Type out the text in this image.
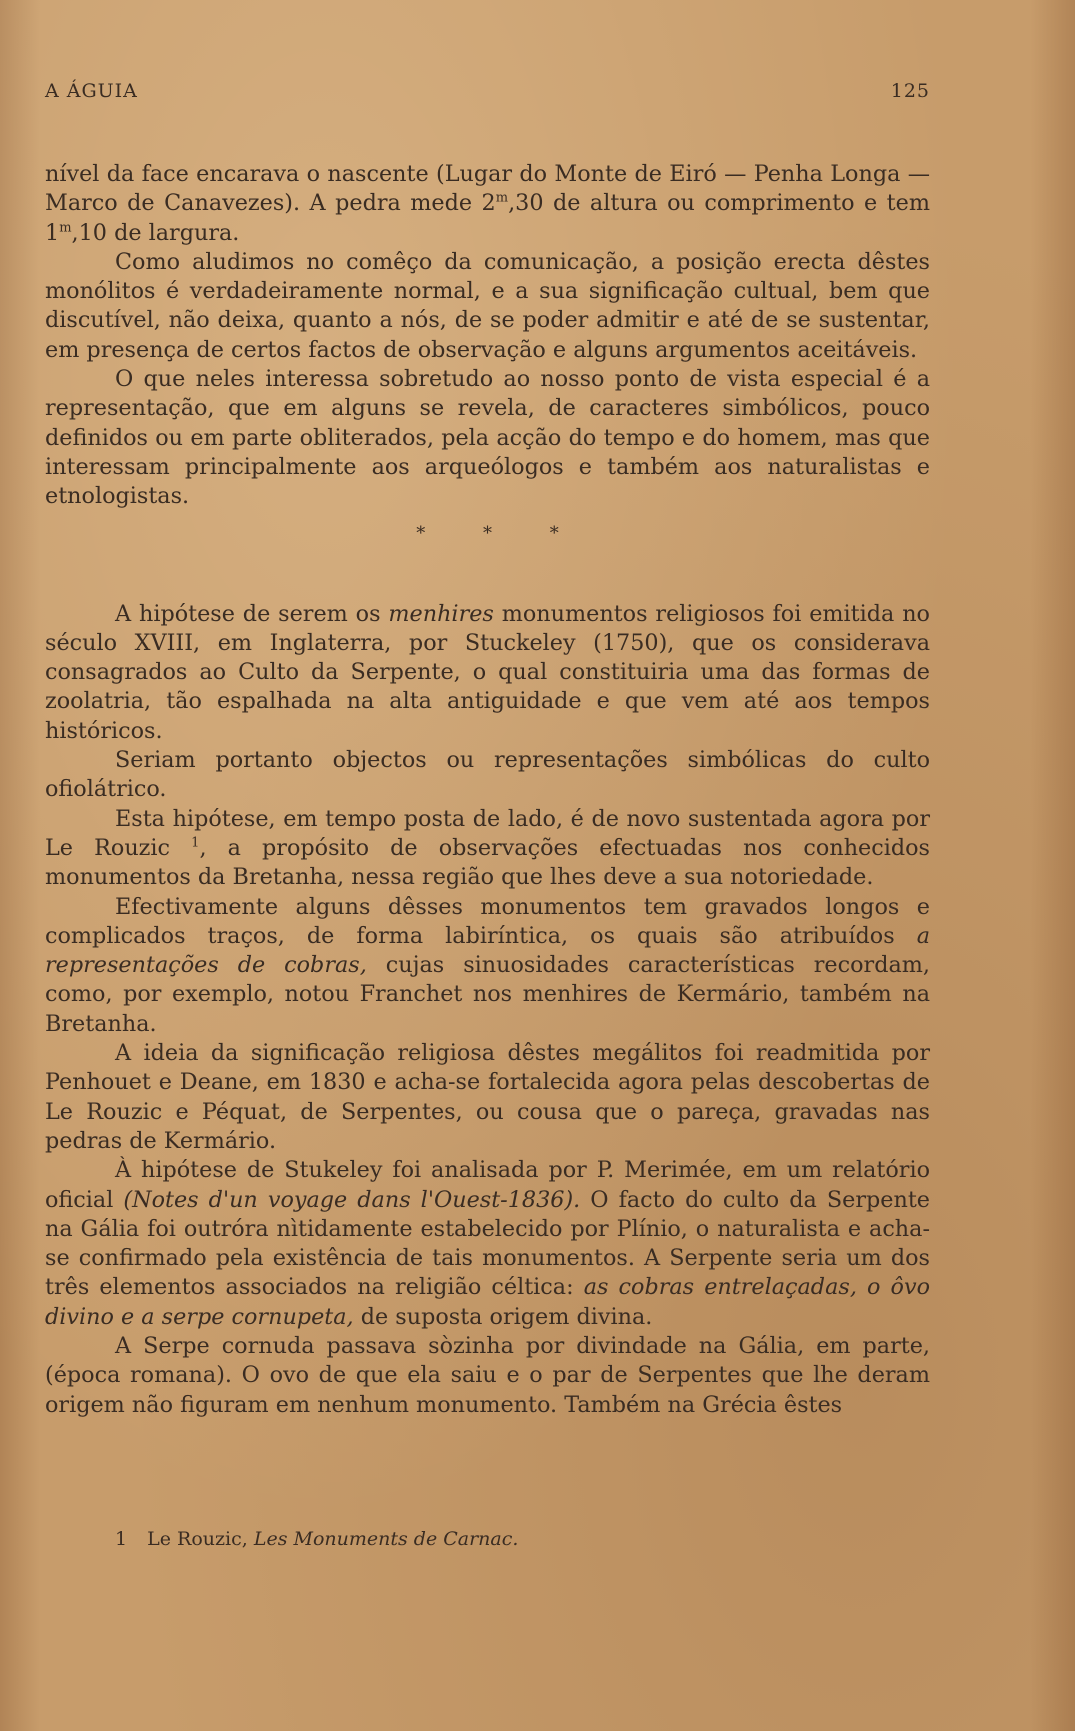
A ÁGUIA	125

nível da face encarava o nascente (Lugar do Monte de Eiró — Penha Longa — Marco de Canavezes). A pedra mede 2$^m$,30 de altura ou comprimento e tem 1$^m$,10 de largura.

Como aludimos no comêço da comunicação, a posição erecta dêstes monólitos é verdadeiramente normal, e a sua significação cultual, bem que discutível, não deixa, quanto a nós, de se poder admitir e até de se sustentar, em presença de certos factos de observação e alguns argumentos aceitáveis.

O que neles interessa sobretudo ao nosso ponto de vista especial é a representação, que em alguns se revela, de caracteres simbólicos, pouco definidos ou em parte obliterados, pela acção do tempo e do homem, mas que interessam principalmente aos arqueólogos e também aos naturalistas e etnologistas.

* * *

A hipótese de serem os menhires monumentos religiosos foi emitida no século XVIII, em Inglaterra, por Stuckeley (1750), que os considerava consagrados ao Culto da Serpente, o qual constituiria uma das formas de zoolatria, tão espalhada na alta antiguidade e que vem até aos tempos históricos.

Seriam portanto objectos ou representações simbólicas do culto ofiolátrico.

Esta hipótese, em tempo posta de lado, é de novo sustentada agora por Le Rouzic $^1$, a propósito de observações efectuadas nos conhecidos monumentos da Bretanha, nessa região que lhes deve a sua notoriedade.

Efectivamente alguns dêsses monumentos tem gravados longos e complicados traços, de forma labiríntica, os quais são atribuídos a representações de cobras, cujas sinuosidades características recordam, como, por exemplo, notou Franchet nos menhires de Kermário, também na Bretanha.

A ideia da significação religiosa dêstes megálitos foi readmitida por Penhouet e Deane, em 1830 e acha-se fortalecida agora pelas descobertas de Le Rouzic e Péquat, de Serpentes, ou cousa que o pareça, gravadas nas pedras de Kermário.

À hipótese de Stukeley foi analisada por P. Merimée, em um relatório oficial (Notes d'un voyage dans l'Ouest-1836). O facto do culto da Serpente na Gália foi outróra nìtidamente estabelecido por Plínio, o naturalista e acha-se confirmado pela existência de tais monumentos. A Serpente seria um dos três elementos associados na religião céltica: as cobras entrelaçadas, o ôvo divino e a serpe cornupeta, de suposta origem divina.

A Serpe cornuda passava sòzinha por divindade na Gália, em parte, (época romana). O ovo de que ela saiu e o par de Serpentes que lhe deram origem não figuram em nenhum monumento. Também na Grécia êstes

1 Le Rouzic, Les Monuments de Carnac.
